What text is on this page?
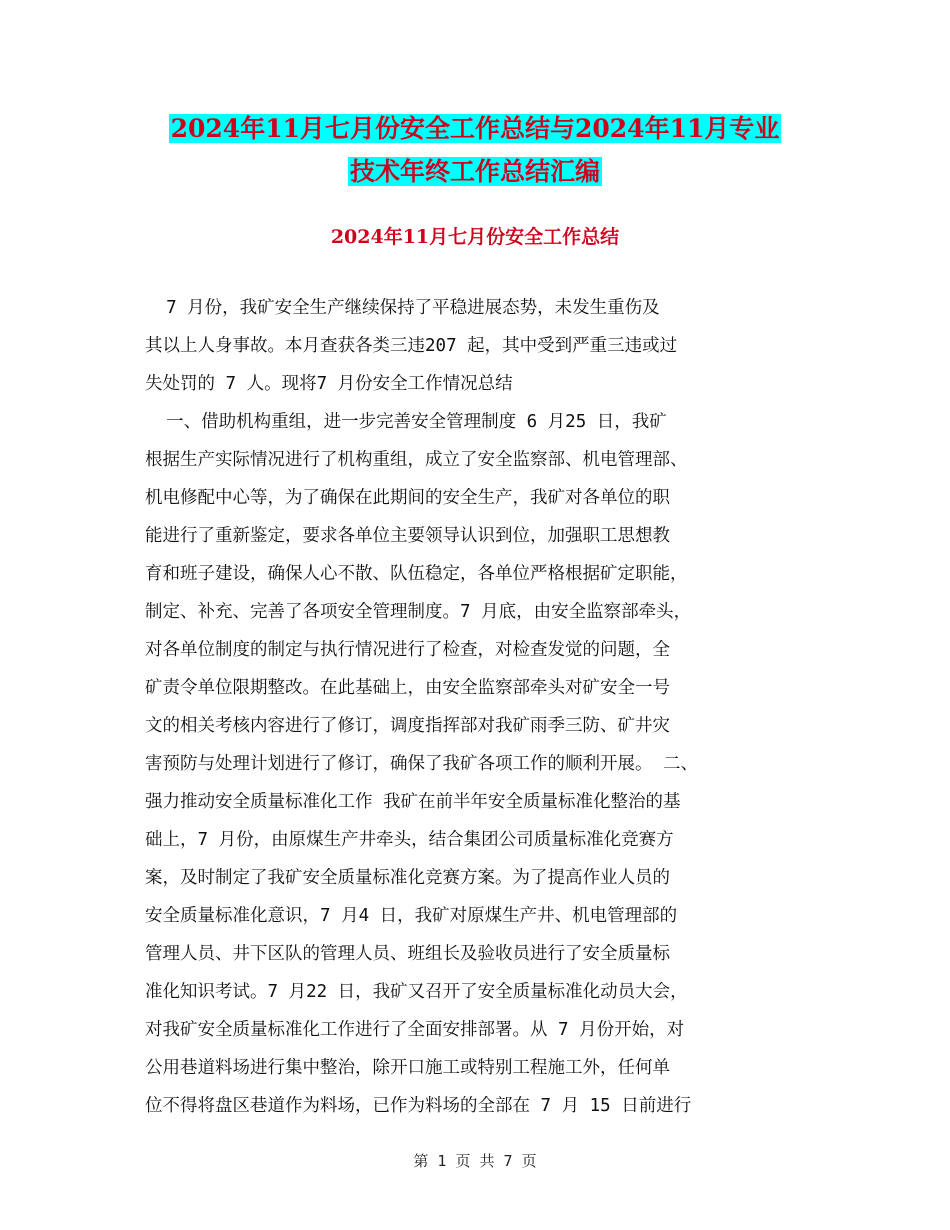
2024年11月七月份安全工作总结与2024年11月专业
技术年终工作总结汇编
2024年11月七月份安全工作总结
7 月份，我矿安全生产继续保持了平稳进展态势，未发生重伤及
其以上人身事故。本月查获各类三违207 起，其中受到严重三违或过
失处罚的 7 人。现将7 月份安全工作情况总结
一、借助机构重组，进一步完善安全管理制度 6 月25 日，我矿
根据生产实际情况进行了机构重组，成立了安全监察部、机电管理部、
机电修配中心等，为了确保在此期间的安全生产，我矿对各单位的职
能进行了重新鉴定，要求各单位主要领导认识到位，加强职工思想教
育和班子建设，确保人心不散、队伍稳定，各单位严格根据矿定职能，
制定、补充、完善了各项安全管理制度。7 月底，由安全监察部牵头，
对各单位制度的制定与执行情况进行了检查，对检查发觉的问题，全
矿责令单位限期整改。在此基础上，由安全监察部牵头对矿安全一号
文的相关考核内容进行了修订，调度指挥部对我矿雨季三防、矿井灾
害预防与处理计划进行了修订，确保了我矿各项工作的顺利开展。 二、
强力推动安全质量标准化工作 我矿在前半年安全质量标准化整治的基
础上，7 月份，由原煤生产井牵头，结合集团公司质量标准化竞赛方
案，及时制定了我矿安全质量标准化竞赛方案。为了提高作业人员的
安全质量标准化意识，7 月4 日，我矿对原煤生产井、机电管理部的
管理人员、井下区队的管理人员、班组长及验收员进行了安全质量标
准化知识考试。7 月22 日，我矿又召开了安全质量标准化动员大会，
对我矿安全质量标准化工作进行了全面安排部署。从 7 月份开始，对
公用巷道料场进行集中整治，除开口施工或特别工程施工外，任何单
位不得将盘区巷道作为料场，已作为料场的全部在 7 月 15 日前进行
第 1 页 共 7 页
